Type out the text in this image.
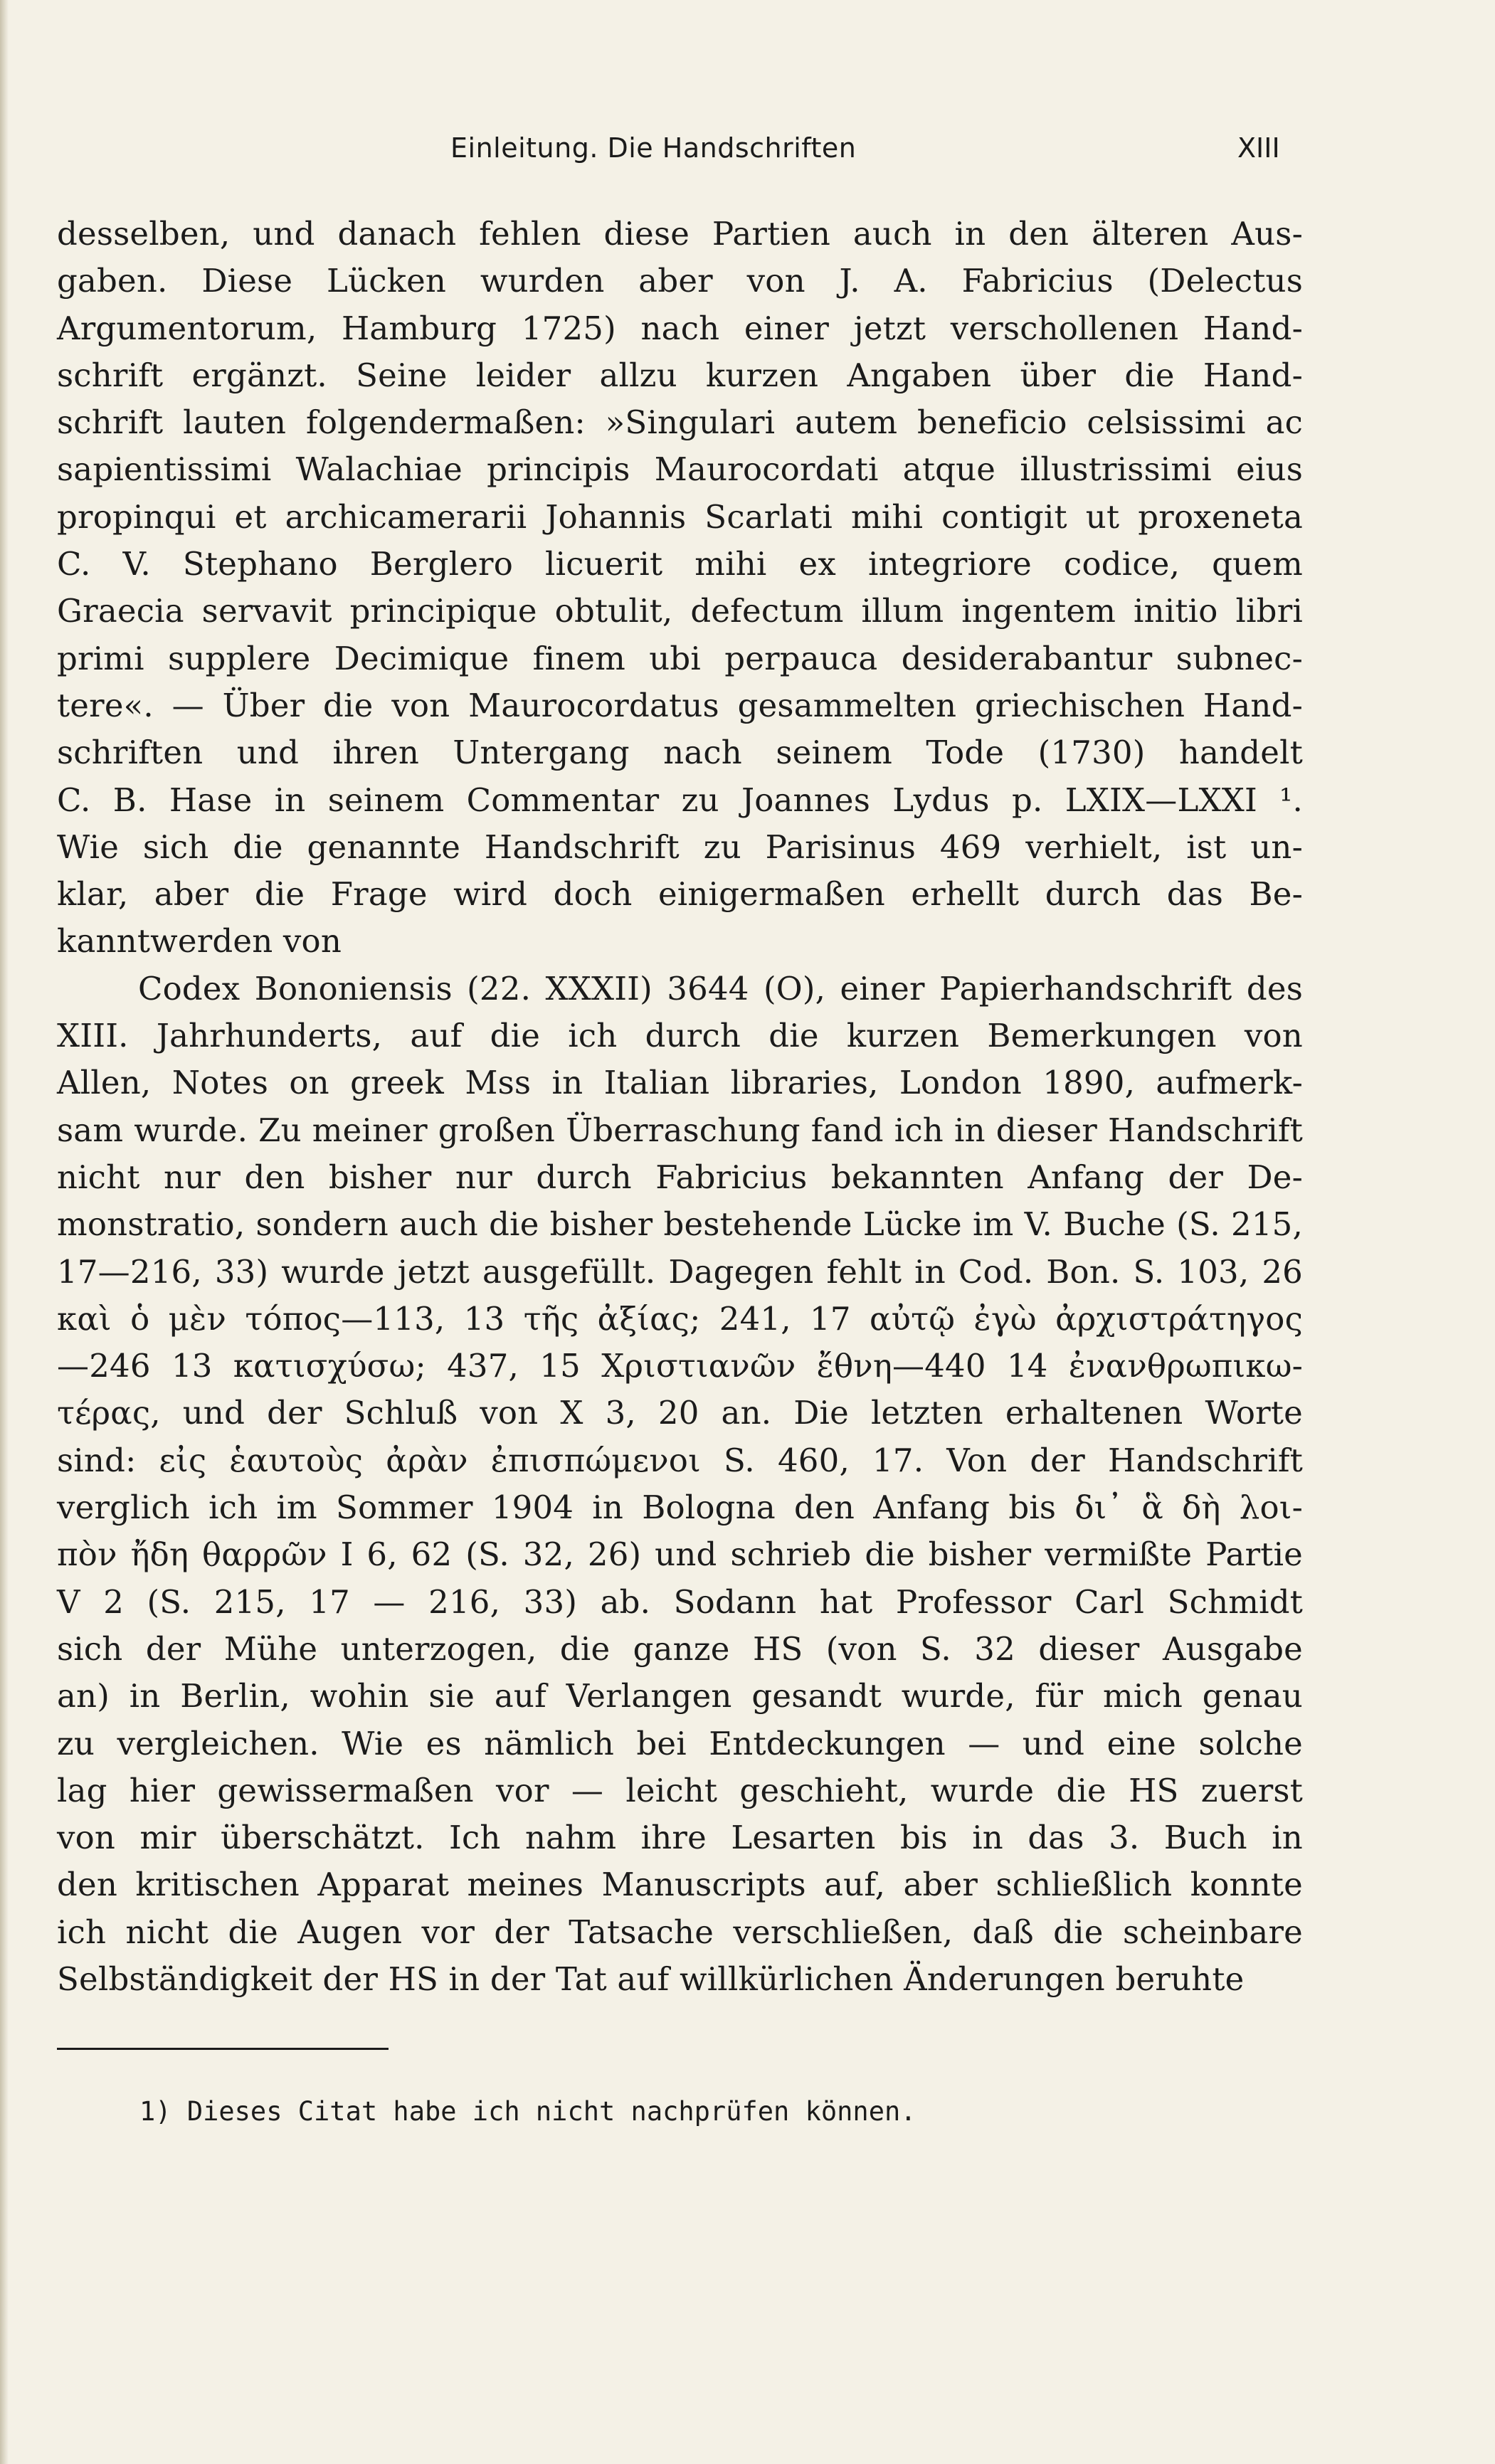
Einleitung. Die Handschriften	XIII
desselben, und danach fehlen diese Partien auch in den älteren Aus-
gaben. Diese Lücken wurden aber von J. A. Fabricius (Delectus
Argumentorum, Hamburg 1725) nach einer jetzt verschollenen Hand-
schrift ergänzt. Seine leider allzu kurzen Angaben über die Hand-
schrift lauten folgendermaßen: »Singulari autem beneficio celsissimi ac
sapientissimi Walachiae principis Maurocordati atque illustrissimi eius
propinqui et archicamerarii Johannis Scarlati mihi contigit ut proxeneta
C. V. Stephano Berglero licuerit mihi ex integriore codice, quem
Graecia servavit principique obtulit, defectum illum ingentem initio libri
primi supplere Decimique finem ubi perpauca desiderabantur subnec-
tere«. — Über die von Maurocordatus gesammelten griechischen Hand-
schriften und ihren Untergang nach seinem Tode (1730) handelt
C. B. Hase in seinem Commentar zu Joannes Lydus p. LXIX—LXXI ¹.
Wie sich die genannte Handschrift zu Parisinus 469 verhielt, ist un-
klar, aber die Frage wird doch einigermaßen erhellt durch das Be-
kanntwerden von
Codex Bononiensis (22. XXXII) 3644 (O), einer Papierhandschrift des
XIII. Jahrhunderts, auf die ich durch die kurzen Bemerkungen von
Allen, Notes on greek Mss in Italian libraries, London 1890, aufmerk-
sam wurde. Zu meiner großen Überraschung fand ich in dieser Handschrift
nicht nur den bisher nur durch Fabricius bekannten Anfang der De-
monstratio, sondern auch die bisher bestehende Lücke im V. Buche (S. 215,
17—216, 33) wurde jetzt ausgefüllt. Dagegen fehlt in Cod. Bon. S. 103, 26
καὶ ὁ μὲν τόπος—113, 13 τῆς ἀξίας; 241, 17 αὐτῷ ἐγὼ ἀρχιστράτηγος
—246 13 κατισχύσω; 437, 15 Χριστιανῶν ἔθνη—440 14 ἐνανθρωπικω-
τέρας, und der Schluß von X 3, 20 an. Die letzten erhaltenen Worte
sind: εἰς ἑαυτοὺς ἀρὰν ἐπισπώμενοι S. 460, 17. Von der Handschrift
verglich ich im Sommer 1904 in Bologna den Anfang bis δι᾽ ἃ δὴ λοι-
πὸν ἤδη θαρρῶν I 6, 62 (S. 32, 26) und schrieb die bisher vermißte Partie
V 2 (S. 215, 17 — 216, 33) ab. Sodann hat Professor Carl Schmidt
sich der Mühe unterzogen, die ganze HS (von S. 32 dieser Ausgabe
an) in Berlin, wohin sie auf Verlangen gesandt wurde, für mich genau
zu vergleichen. Wie es nämlich bei Entdeckungen — und eine solche
lag hier gewissermaßen vor — leicht geschieht, wurde die HS zuerst
von mir überschätzt. Ich nahm ihre Lesarten bis in das 3. Buch in
den kritischen Apparat meines Manuscripts auf, aber schließlich konnte
ich nicht die Augen vor der Tatsache verschließen, daß die scheinbare
Selbständigkeit der HS in der Tat auf willkürlichen Änderungen beruhte
1) Dieses Citat habe ich nicht nachprüfen können.
